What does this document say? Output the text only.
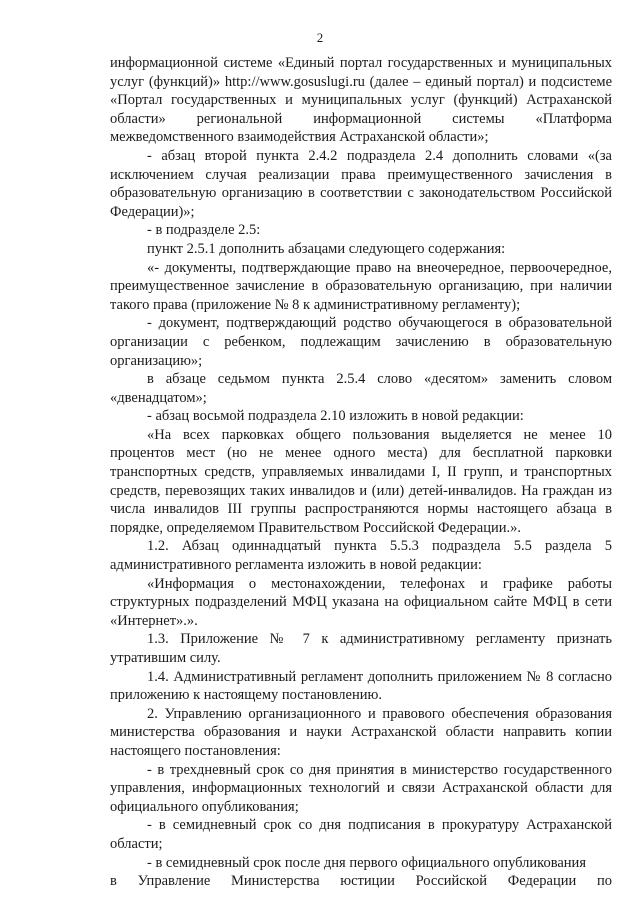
2

информационной системе «Единый портал государственных и муниципальных услуг (функций)» http://www.gosuslugi.ru (далее – единый портал) и подсистеме «Портал государственных и муниципальных услуг (функций) Астраханской области» региональной информационной системы «Платформа межведомственного взаимодействия Астраханской области»;

- абзац второй пункта 2.4.2 подраздела 2.4 дополнить словами «(за исключением случая реализации права преимущественного зачисления в образовательную организацию в соответствии с законодательством Российской Федерации)»;

- в подразделе 2.5:

пункт 2.5.1 дополнить абзацами следующего содержания:

«- документы, подтверждающие право на внеочередное, первоочередное, преимущественное зачисление в образовательную организацию, при наличии такого права (приложение № 8 к административному регламенту);

- документ, подтверждающий родство обучающегося в образовательной организации с ребенком, подлежащим зачислению в образовательную организацию»;

в абзаце седьмом пункта 2.5.4 слово «десятом» заменить словом «двенадцатом»;

- абзац восьмой подраздела 2.10 изложить в новой редакции:

«На всех парковках общего пользования выделяется не менее 10 процентов мест (но не менее одного места) для бесплатной парковки транспортных средств, управляемых инвалидами I, II групп, и транспортных средств, перевозящих таких инвалидов и (или) детей-инвалидов. На граждан из числа инвалидов III группы распространяются нормы настоящего абзаца в порядке, определяемом Правительством Российской Федерации.».

1.2. Абзац одиннадцатый пункта 5.5.3 подраздела 5.5 раздела 5 административного регламента изложить в новой редакции:

«Информация о местонахождении, телефонах и графике работы структурных подразделений МФЦ указана на официальном сайте МФЦ в сети «Интернет».».

1.3. Приложение № 7 к административному регламенту признать утратившим силу.

1.4. Административный регламент дополнить приложением № 8 согласно приложению к настоящему постановлению.

2. Управлению организационного и правового обеспечения образования министерства образования и науки Астраханской области направить копии настоящего постановления:

- в трехдневный срок со дня принятия в министерство государственного управления, информационных технологий и связи Астраханской области для официального опубликования;

- в семидневный срок со дня подписания в прокуратуру Астраханской области;

- в семидневный срок после дня первого официального опубликования

в Управление Министерства юстиции Российской Федерации по
